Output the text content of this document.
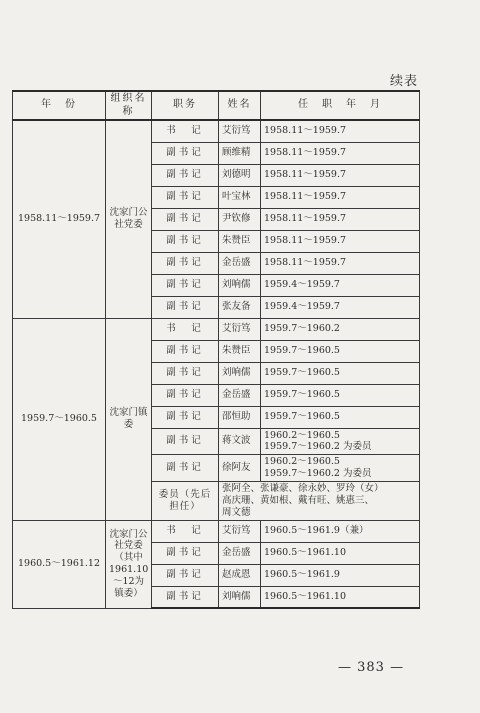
续表
年　份	组织名称	职务	姓名	任　职　年　月
1958.11～1959.7	沈家门公社党委	书　记	艾衍笃	1958.11～1959.7

		副书记	顾维精	1958.11～1959.7

		副书记	刘德明	1958.11～1959.7

		副书记	叶宝林	1958.11～1959.7

		副书记	尹钦修	1958.11～1959.7

		副书记	朱赞臣	1958.11～1959.7

		副书记	金岳盛	1958.11～1959.7

		副书记	刘响儒	1959.4～1959.7

		副书记	张友备	1959.4～1959.7

1959.7～1960.5	沈家门镇委	书　记	艾衍笃	1959.7～1960.2

		副书记	朱赞臣	1959.7～1960.5

		副书记	刘响儒	1959.7～1960.5

		副书记	金岳盛	1959.7～1960.5

		副书记	邵恒助	1959.7～1960.5

		副书记	蒋文波	1960.2～1960.5
1959.7～1960.2 为委员

		副书记	徐阿友	1960.2～1960.5
1959.7～1960.2 为委员

		委员（先后担任）	张阿全、张谦豪、徐永妙、罗玲（女）
高庆珊、黄如根、戴有旺、姚惠三、
周文德	

1960.5～1961.12	沈家门公社党委（其中1961.10～12为镇委）	书　记	艾衍笃	1960.5～1961.9（兼）

		副书记	金岳盛	1960.5～1961.10

		副书记	赵成恩	1960.5～1961.9

		副书记	刘响儒	1960.5～1961.10
— 383 —
